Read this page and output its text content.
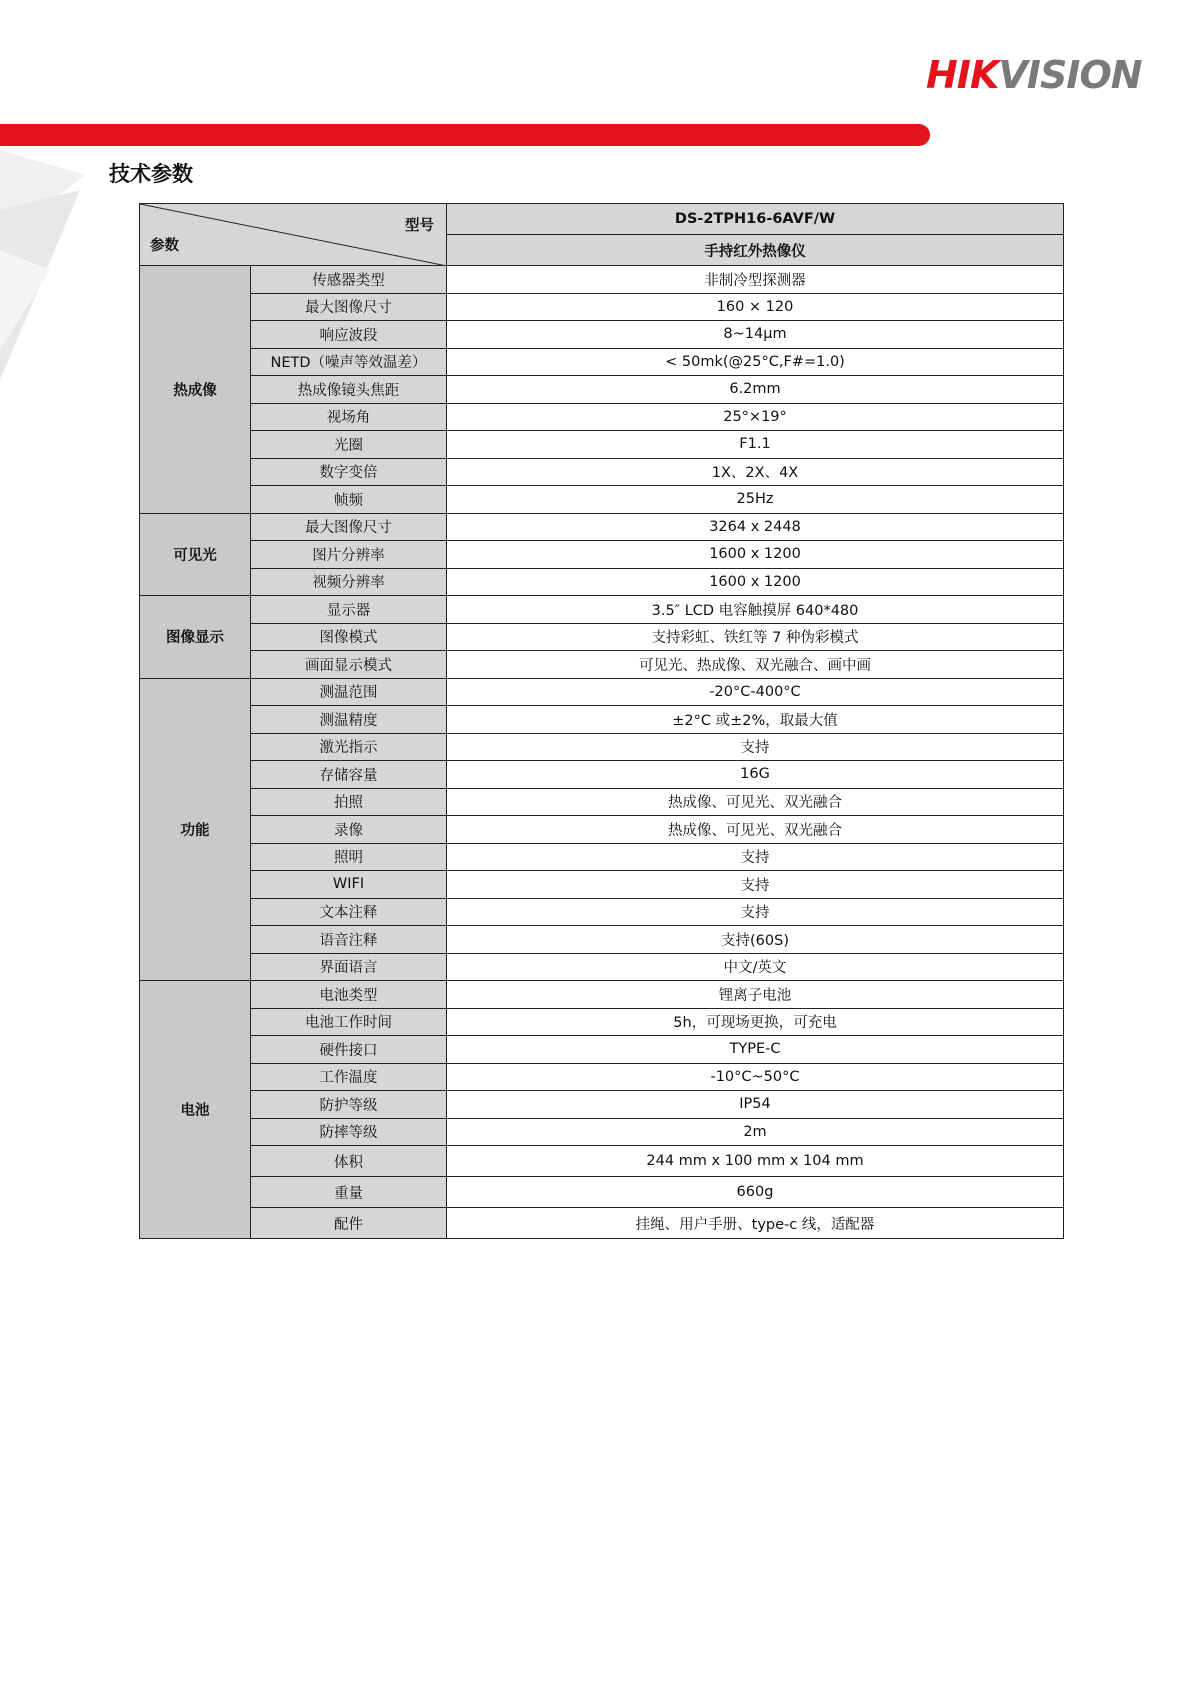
HIKVISION
技术参数
型号
参数		DS-2TPH16-6AVF/W
		手持红外热像仪
热成像	传感器类型	非制冷型探测器
	最大图像尺寸	160 × 120
	响应波段	8~14μm
	NETD（噪声等效温差）	< 50mk(@25°C,F#=1.0)
	热成像镜头焦距	6.2mm
	视场角	25°×19°
	光圈	F1.1
	数字变倍	1X、2X、4X
	帧频	25Hz
可见光	最大图像尺寸	3264 x 2448
	图片分辨率	1600 x 1200
	视频分辨率	1600 x 1200
图像显示	显示器	3.5″ LCD 电容触摸屏 640*480
	图像模式	支持彩虹、铁红等 7 种伪彩模式
	画面显示模式	可见光、热成像、双光融合、画中画
功能	测温范围	-20°C-400°C
	测温精度	±2°C 或±2%，取最大值
	激光指示	支持
	存储容量	16G
	拍照	热成像、可见光、双光融合
	录像	热成像、可见光、双光融合
	照明	支持
	WIFI	支持
	文本注释	支持
	语音注释	支持(60S)
	界面语言	中文/英文
电池	电池类型	锂离子电池
	电池工作时间	5h，可现场更换，可充电
	硬件接口	TYPE-C
	工作温度	-10°C~50°C
	防护等级	IP54
	防摔等级	2m
	体积	244 mm x 100 mm x 104 mm
	重量	660g
	配件	挂绳、用户手册、type-c 线，适配器
